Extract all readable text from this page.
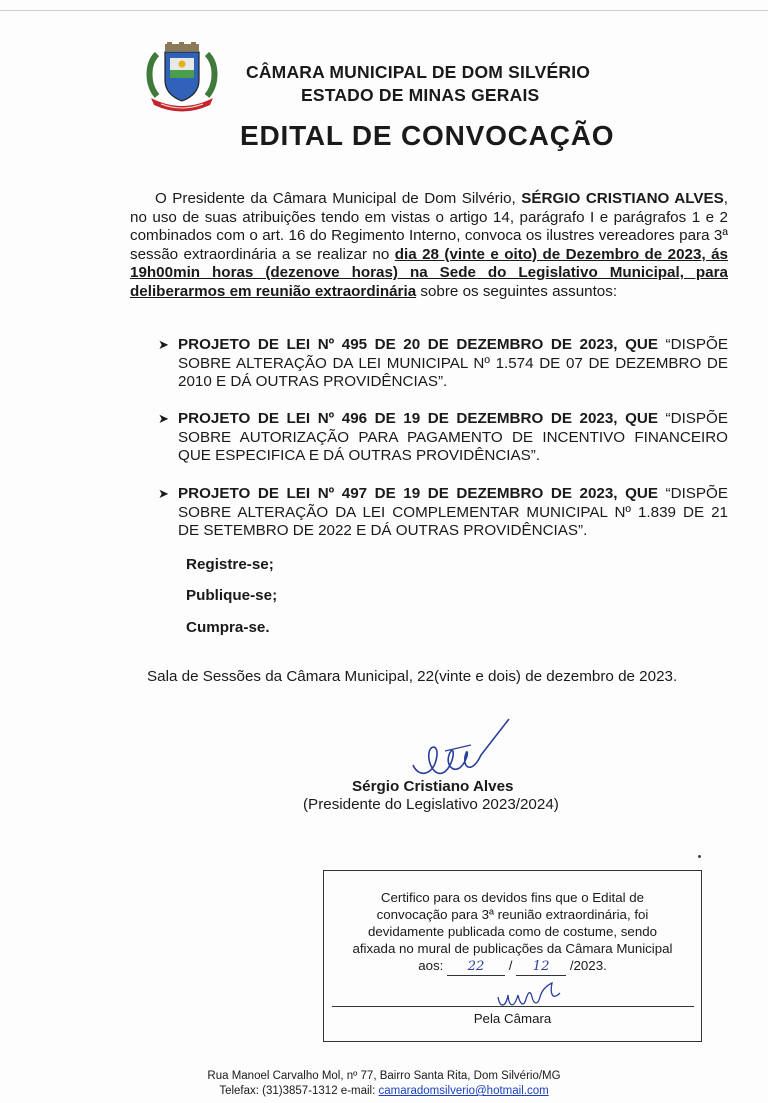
CÂMARA MUNICIPAL DE DOM SILVÉRIO
ESTADO DE MINAS GERAIS
EDITAL DE CONVOCAÇÃO
O Presidente da Câmara Municipal de Dom Silvério, SÉRGIO CRISTIANO ALVES, no uso de suas atribuições tendo em vistas o artigo 14, parágrafo I e parágrafos 1 e 2 combinados com o art. 16 do Regimento Interno, convoca os ilustres vereadores para 3ª sessão extraordinária a se realizar no dia 28 (vinte e oito) de Dezembro de 2023, ás 19h00min horas (dezenove horas) na Sede do Legislativo Municipal, para deliberarmos em reunião extraordinária sobre os seguintes assuntos:
➤ PROJETO DE LEI Nº 495 DE 20 DE DEZEMBRO DE 2023, QUE “DISPÕE SOBRE ALTERAÇÃO DA LEI MUNICIPAL Nº 1.574 DE 07 DE DEZEMBRO DE 2010 E DÁ OUTRAS PROVIDÊNCIAS”.
➤ PROJETO DE LEI Nº 496 DE 19 DE DEZEMBRO DE 2023, QUE “DISPÕE SOBRE AUTORIZAÇÃO PARA PAGAMENTO DE INCENTIVO FINANCEIRO QUE ESPECIFICA E DÁ OUTRAS PROVIDÊNCIAS”.
➤ PROJETO DE LEI Nº 497 DE 19 DE DEZEMBRO DE 2023, QUE “DISPÕE SOBRE ALTERAÇÃO DA LEI COMPLEMENTAR MUNICIPAL Nº 1.839 DE 21 DE SETEMBRO DE 2022 E DÁ OUTRAS PROVIDÊNCIAS”.
Registre-se;
Publique-se;
Cumpra-se.
Sala de Sessões da Câmara Municipal, 22(vinte e dois) de dezembro de 2023.
Sérgio Cristiano Alves
(Presidente do Legislativo 2023/2024)
Certifico para os devidos fins que o Edital de
convocação para 3ª reunião extraordinária, foi
devidamente publicada como de costume, sendo
afixada no mural de publicações da Câmara Municipal
aos: 22 / 12 /2023.
Pela Câmara
Rua Manoel Carvalho Mol, nº 77, Bairro Santa Rita, Dom Silvério/MG
Telefax: (31)3857-1312 e-mail: camaradomsilverio@hotmail.com
